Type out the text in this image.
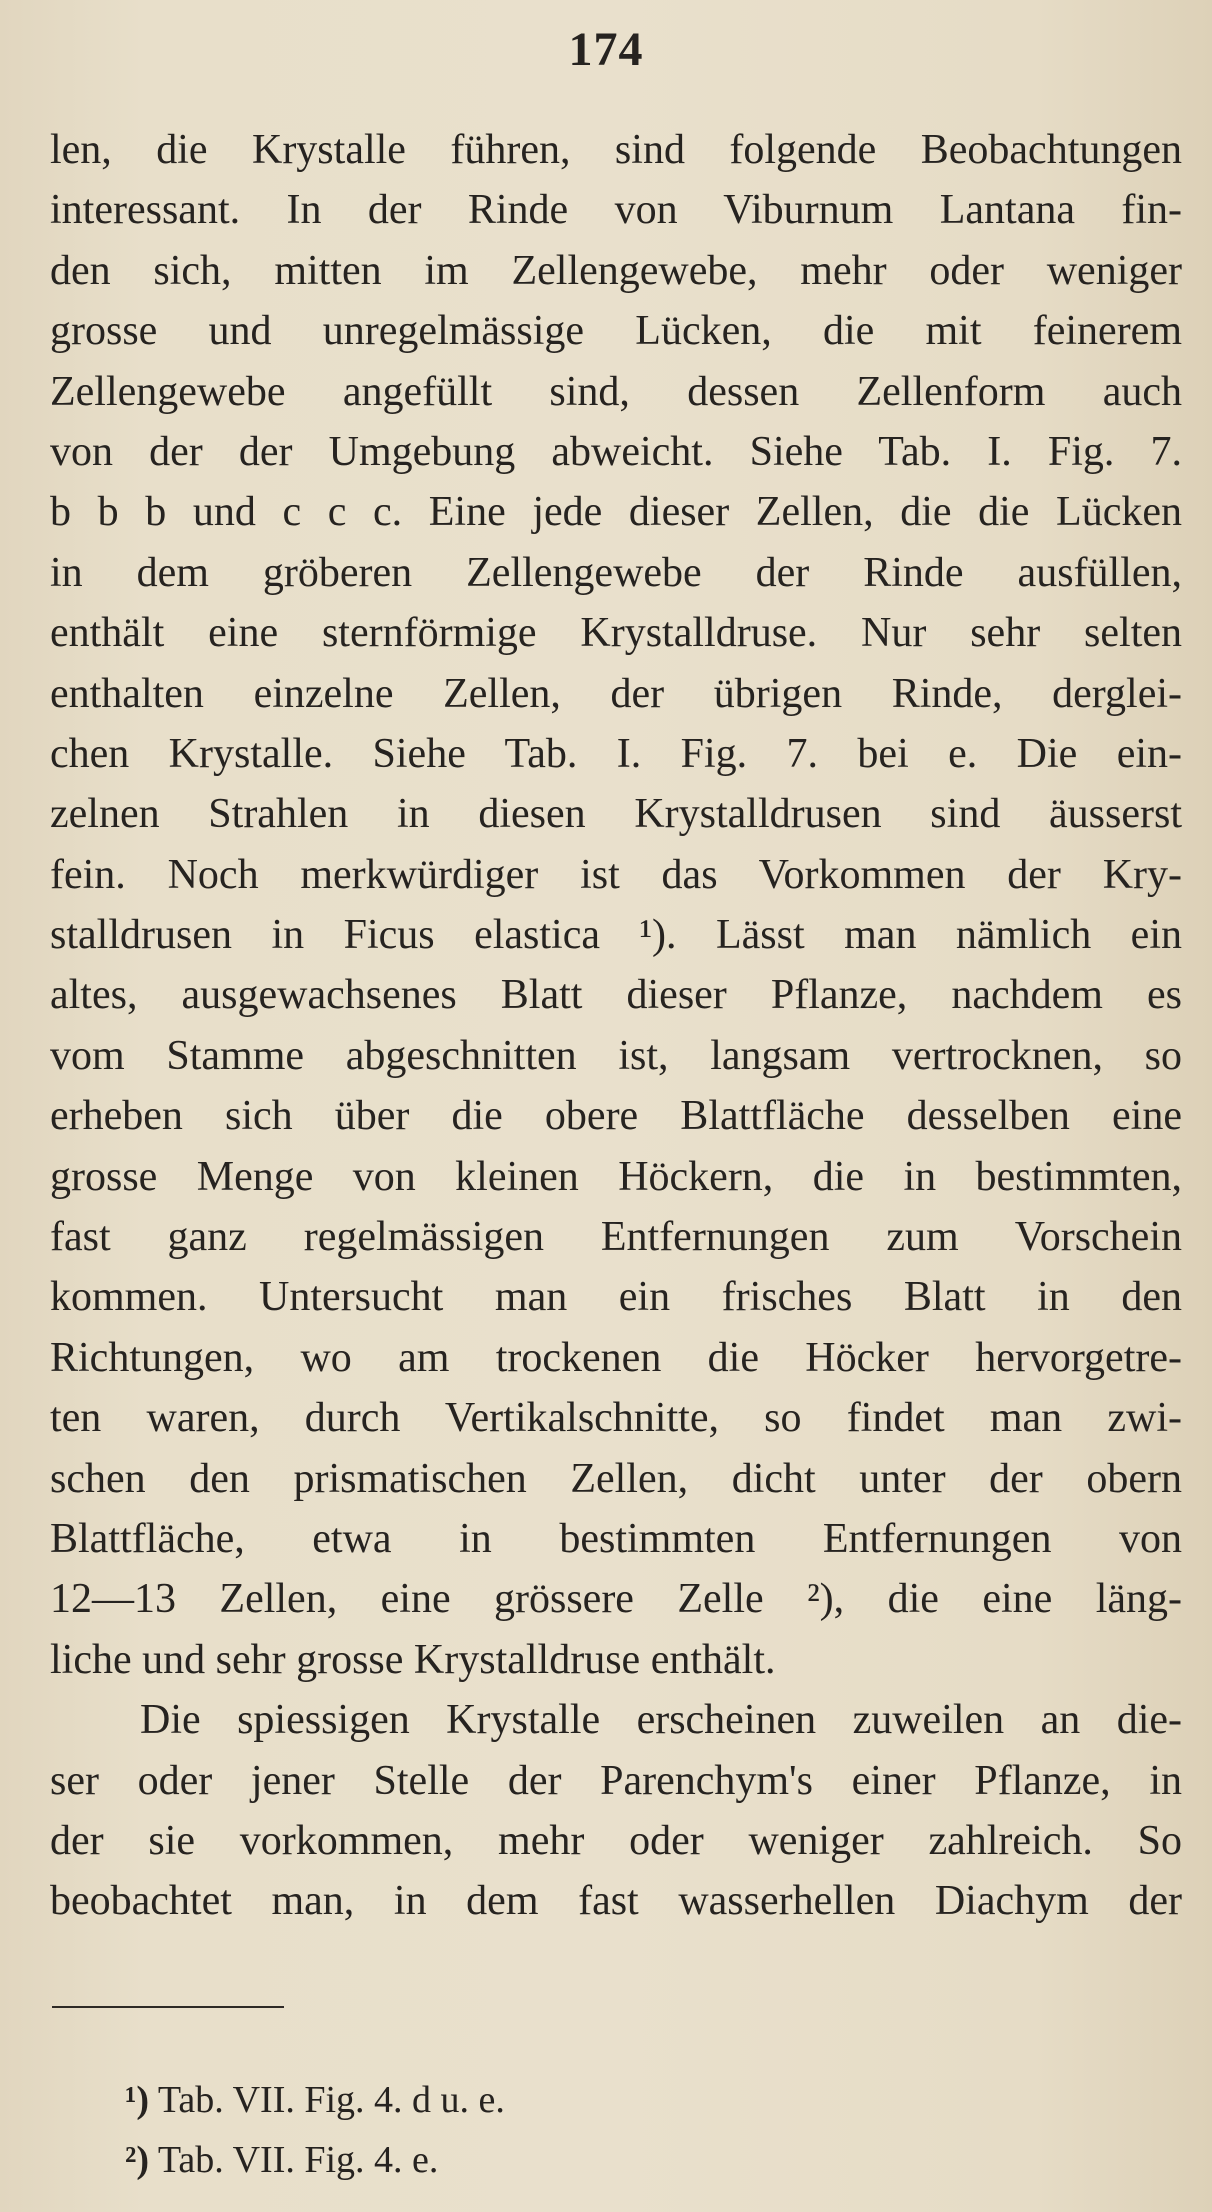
174
len, die Krystalle führen, sind folgende Beobachtungen
interessant. In der Rinde von Viburnum Lantana fin-
den sich, mitten im Zellengewebe, mehr oder weniger
grosse und unregelmässige Lücken, die mit feinerem
Zellengewebe angefüllt sind, dessen Zellenform auch
von der der Umgebung abweicht. Siehe Tab. I. Fig. 7.
b b b und c c c. Eine jede dieser Zellen, die die Lücken
in dem gröberen Zellengewebe der Rinde ausfüllen,
enthält eine sternförmige Krystalldruse. Nur sehr selten
enthalten einzelne Zellen, der übrigen Rinde, derglei-
chen Krystalle. Siehe Tab. I. Fig. 7. bei e. Die ein-
zelnen Strahlen in diesen Krystalldrusen sind äusserst
fein. Noch merkwürdiger ist das Vorkommen der Kry-
stalldrusen in Ficus elastica ¹). Lässt man nämlich ein
altes, ausgewachsenes Blatt dieser Pflanze, nachdem es
vom Stamme abgeschnitten ist, langsam vertrocknen, so
erheben sich über die obere Blattfläche desselben eine
grosse Menge von kleinen Höckern, die in bestimmten,
fast ganz regelmässigen Entfernungen zum Vorschein
kommen. Untersucht man ein frisches Blatt in den
Richtungen, wo am trockenen die Höcker hervorgetre-
ten waren, durch Vertikalschnitte, so findet man zwi-
schen den prismatischen Zellen, dicht unter der obern
Blattfläche, etwa in bestimmten Entfernungen von
12—13 Zellen, eine grössere Zelle ²), die eine läng-
liche und sehr grosse Krystalldruse enthält.
Die spiessigen Krystalle erscheinen zuweilen an die-
ser oder jener Stelle der Parenchym's einer Pflanze, in
der sie vorkommen, mehr oder weniger zahlreich. So
beobachtet man, in dem fast wasserhellen Diachym der
¹) Tab. VII. Fig. 4. d u. e.
²) Tab. VII. Fig. 4. e.
